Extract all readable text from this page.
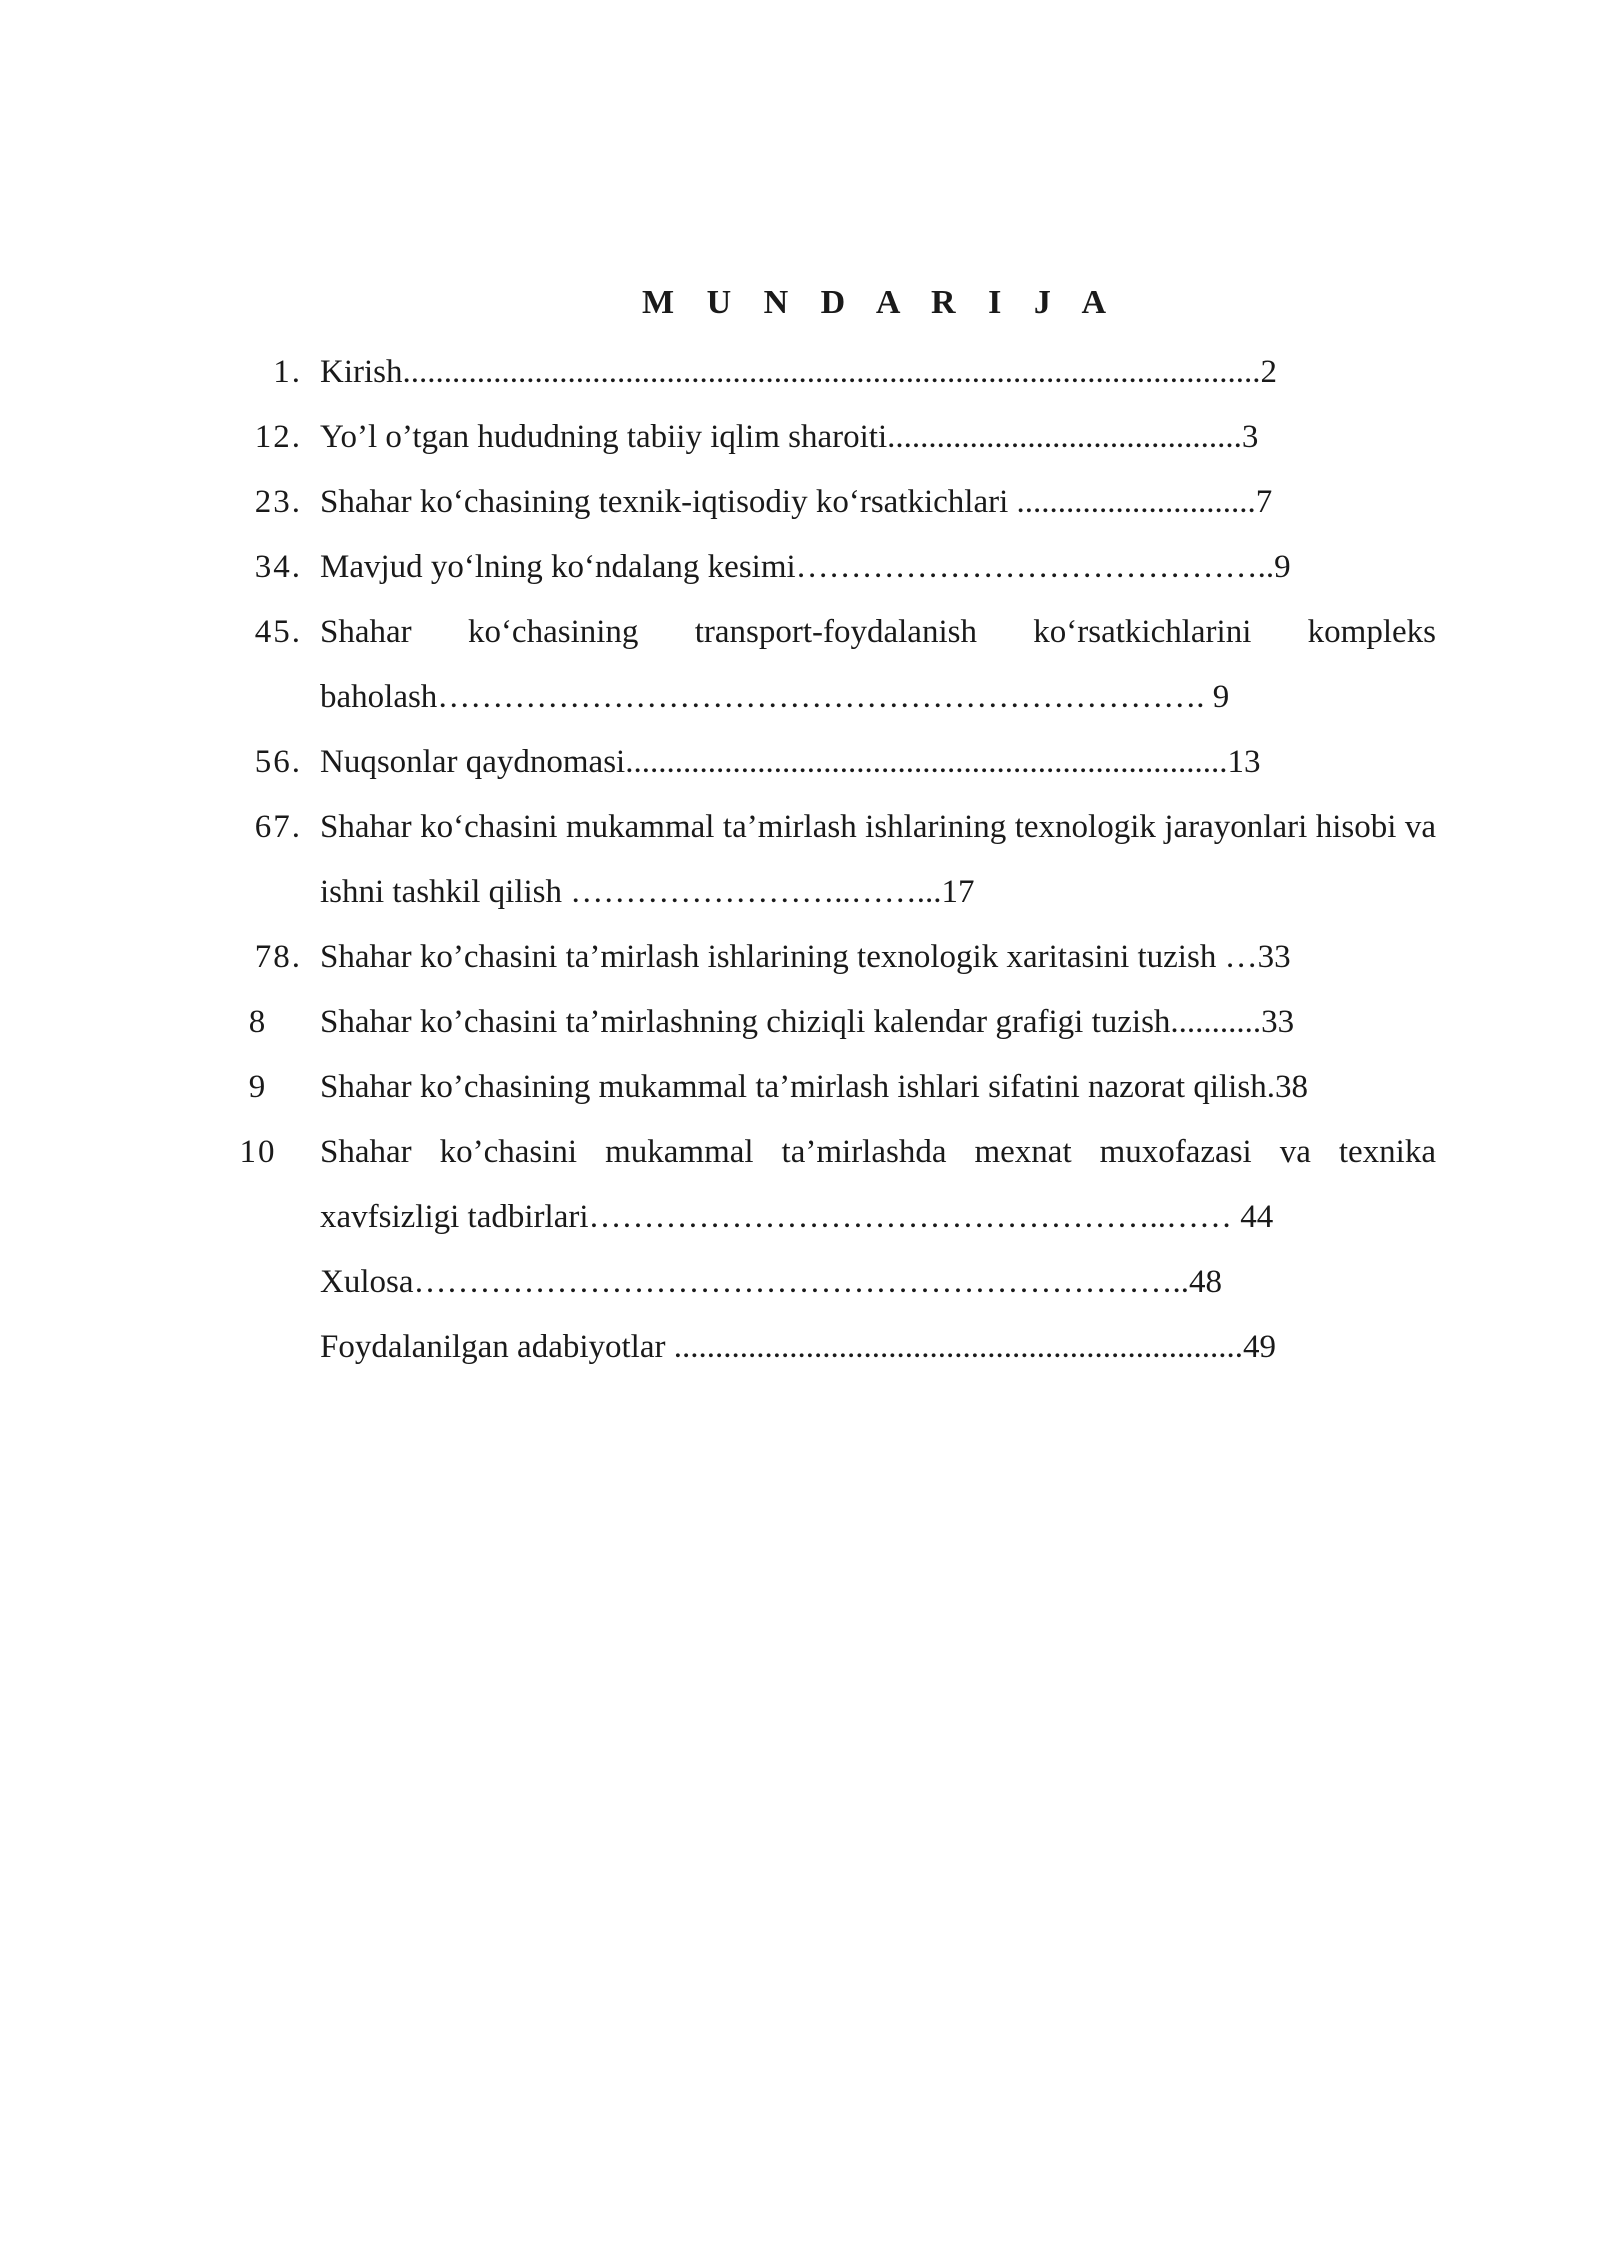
M U N D A R I J A
1. Kirish........................................................................................................2
12. Yo’l o’tgan hududning tabiiy iqlim sharoiti...........................................3
23. Shahar ko‘chasining texnik-iqtisodiy ko‘rsatkichlari .............................7
34. Mavjud yo‘lning ko‘ndalang kesimi……………………………………..9
45. Shahar ko‘chasining transport-foydalanish ko‘rsatkichlarini kompleks baholash……………………………………………………………. 9
56. Nuqsonlar qaydnomasi.........................................................................13
67. Shahar ko‘chasini mukammal ta’mirlash ishlarining texnologik jarayonlari hisobi va ishni tashkil qilish ……………………..……...17
78. Shahar ko’chasini ta’mirlash ishlarining texnologik xaritasini tuzish …33
8	Shahar ko’chasini ta’mirlashning chiziqli kalendar grafigi tuzish...........33
9	Shahar ko’chasining mukammal ta’mirlash ishlari sifatini nazorat qilish.38
10 Shahar ko’chasini mukammal ta’mirlashda mexnat muxofazasi va texnika xavfsizligi tadbirlari……………………………………………..…… 44
Xulosa……………………………………………………………..48
Foydalanilgan adabiyotlar .....................................................................49
